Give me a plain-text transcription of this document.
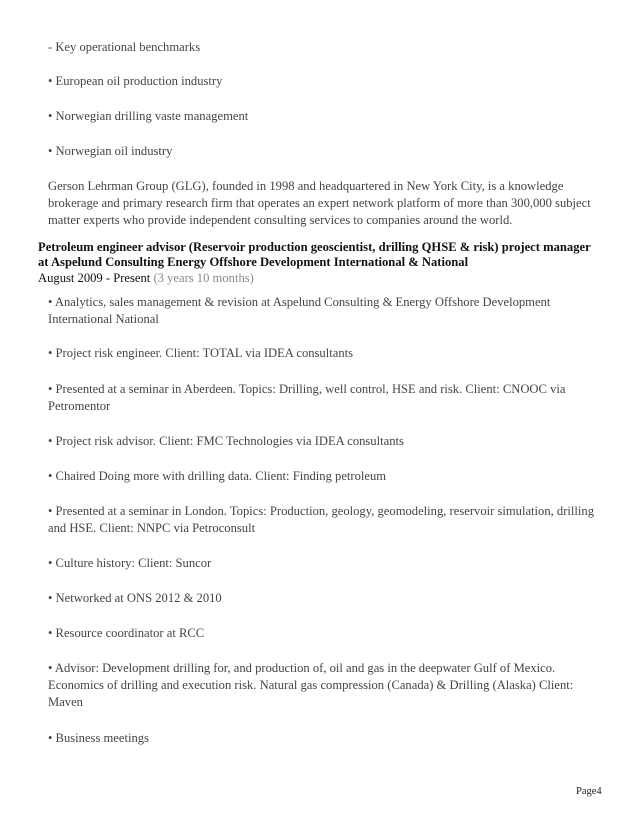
- Key operational benchmarks
• European oil production industry
• Norwegian drilling vaste management
• Norwegian oil industry
Gerson Lehrman Group (GLG), founded in 1998 and headquartered in New York City, is a knowledge
brokerage and primary research firm that operates an expert network platform of more than 300,000 subject
matter experts who provide independent consulting services to companies around the world.
Petroleum engineer advisor (Reservoir production geoscientist, drilling QHSE & risk) project manager
at Aspelund Consulting Energy Offshore Development International & National
August 2009 - Present (3 years 10 months)
• Analytics, sales management & revision at Aspelund Consulting & Energy Offshore Development
International National
• Project risk engineer. Client: TOTAL via IDEA consultants
• Presented at a seminar in Aberdeen. Topics: Drilling, well control, HSE and risk. Client: CNOOC via
Petromentor
• Project risk advisor. Client: FMC Technologies via IDEA consultants
• Chaired Doing more with drilling data. Client: Finding petroleum
• Presented at a seminar in London. Topics: Production, geology, geomodeling, reservoir simulation, drilling
and HSE. Client: NNPC via Petroconsult
• Culture history: Client: Suncor
• Networked at ONS 2012 & 2010
• Resource coordinator at RCC
• Advisor: Development drilling for, and production of, oil and gas in the deepwater Gulf of Mexico.
Economics of drilling and execution risk. Natural gas compression (Canada) & Drilling (Alaska) Client:
Maven
• Business meetings
Page4
